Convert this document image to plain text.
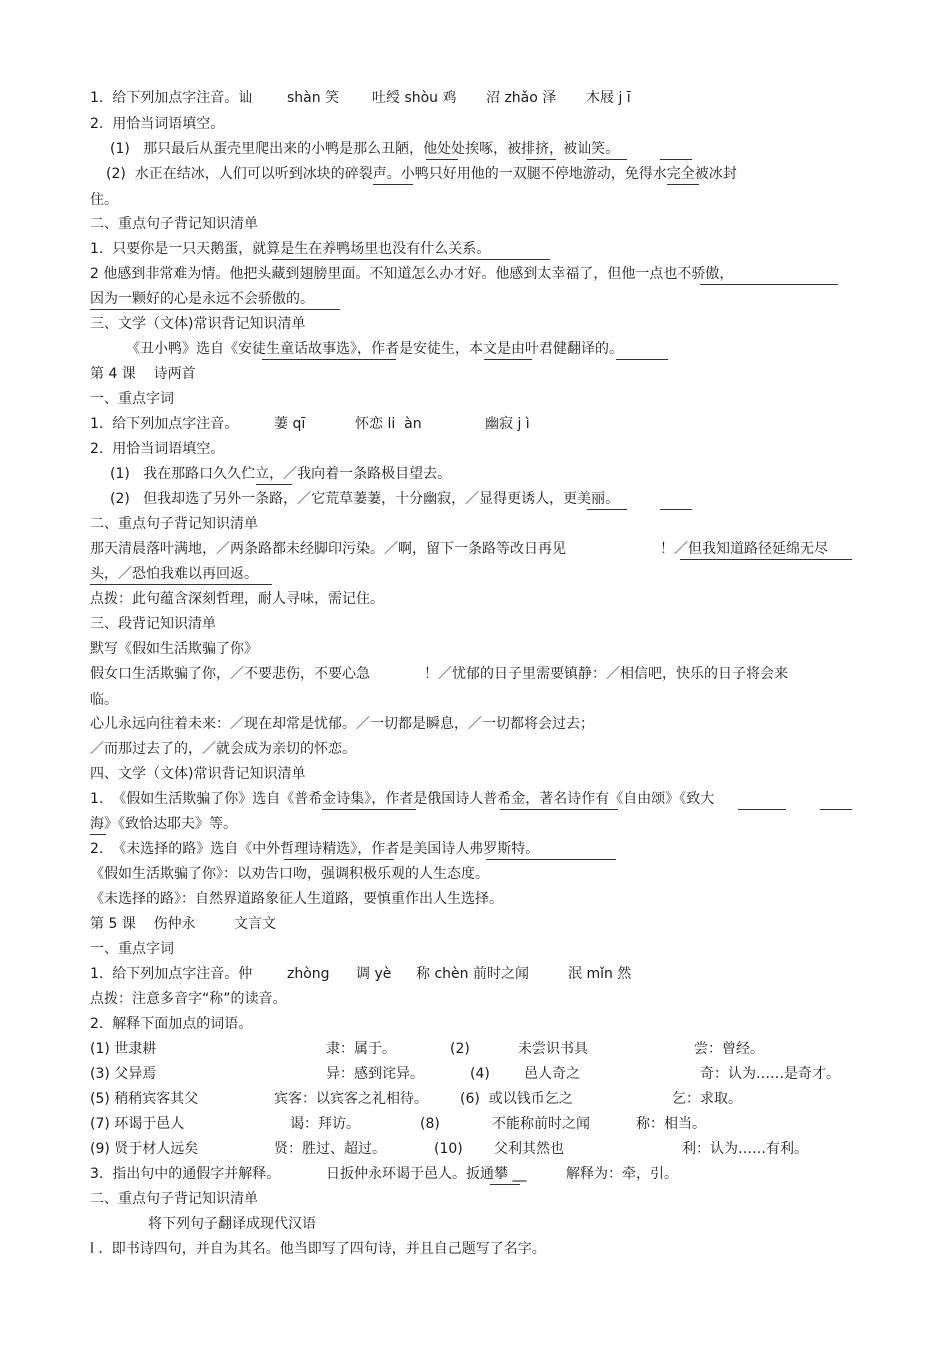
1.  给下列加点字注音。讪 shàn 笑 吐绶 shòu 鸡 沼 zhǎo 泽 木屐 j ī
2.  用恰当词语填空。
(1)   那只最后从蛋壳里爬出来的小鸭是那么丑陋，他处处挨啄，被排挤，被讪笑。
(2)  水正在结冰，人们可以听到冰块的碎裂声。小鸭只好用他的一双腿不停地游动，免得水完全被冰封
住。
二、重点句子背记知识清单
1.  只要你是一只天鹅蛋，就算是生在养鸭场里也没有什么关系。
2 他感到非常难为情。他把头藏到翅膀里面。不知道怎么办才好。他感到太幸福了，但他一点也不骄傲，
因为一颗好的心是永远不会骄傲的。
三、文学（文体)常识背记知识清单
《丑小鸭》选自《安徒生童话故事选》，作者是安徒生，本文是由叶君健翻译的。
第 4 课    诗两首
一、重点字词
1.  给下列加点字注音。	萋 qī	怀恋 li  àn	幽寂 j ì
2.  用恰当词语填空。
(1)   我在那路口久久伫立，／我向着一条路极目望去。
(2)   但我却选了另外一条路，／它荒草萋萋，十分幽寂，／显得更诱人，更美丽。
二、重点句子背记知识清单
那天清晨落叶满地，／两条路都未经脚印污染。／啊，留下一条路等改日再见	！／但我知道路径延绵无尽
头，／恐怕我难以再回返。
点拨：此句蕴含深刻哲理，耐人寻味，需记住。
三、段背记知识清单
默写《假如生活欺骗了你》
假女口生活欺骗了你，／不要悲伤，不要心急	！／忧郁的日子里需要镇静：／相信吧，快乐的日子将会来
临。
心儿永远向往着未来：／现在却常是忧郁。／一切都是瞬息，／一切都将会过去；
／而那过去了的，／就会成为亲切的怀恋。
四、文学（文体)常识背记知识清单
1.  《假如生活欺骗了你》选自《普希金诗集》，作者是俄国诗人普希金，著名诗作有《自由颂》《致大
海》《致恰达耶夫》等。
2.  《未选择的路》选自《中外哲理诗精选》，作者是美国诗人弗罗斯特。
《假如生活欺骗了你》：以劝告口吻，强调积极乐观的人生态度。
《未选择的路》：自然界道路象征人生道路，要慎重作出人生选择。
第 5 课    伤仲永	文言文
一、重点字词
1.  给下列加点字注音。仲 zhòng 调 yè 称 chèn 前时之闻	泯 mǐn 然
点拨：注意多音字“称”的读音。
2.  解释下面加点的词语。
(1) 世隶耕	隶：属于。	(2)	未尝识书具	尝：曾经。
(3) 父异焉	异：感到诧异。	(4) 邑人奇之	奇：认为……是奇才。
(5) 稍稍宾客其父	宾客：以宾客之礼相待。 (6)  或以钱币乞之	乞：求取。
(7) 环谒于邑人	谒：拜访。	(8)	不能称前时之闻	称：相当。
(9) 贤于材人远矣	贤：胜过、超过。	(10) 父利其然也	利：认为……有利。
3.  指出句中的通假字并解释。	日扳仲永环谒于邑人。扳通攀 __	解释为：牵，引。
二、重点句子背记知识清单
将下列句子翻译成现代汉语
l .  即书诗四句，并自为其名。他当即写了四句诗，并且自己题写了名字。
